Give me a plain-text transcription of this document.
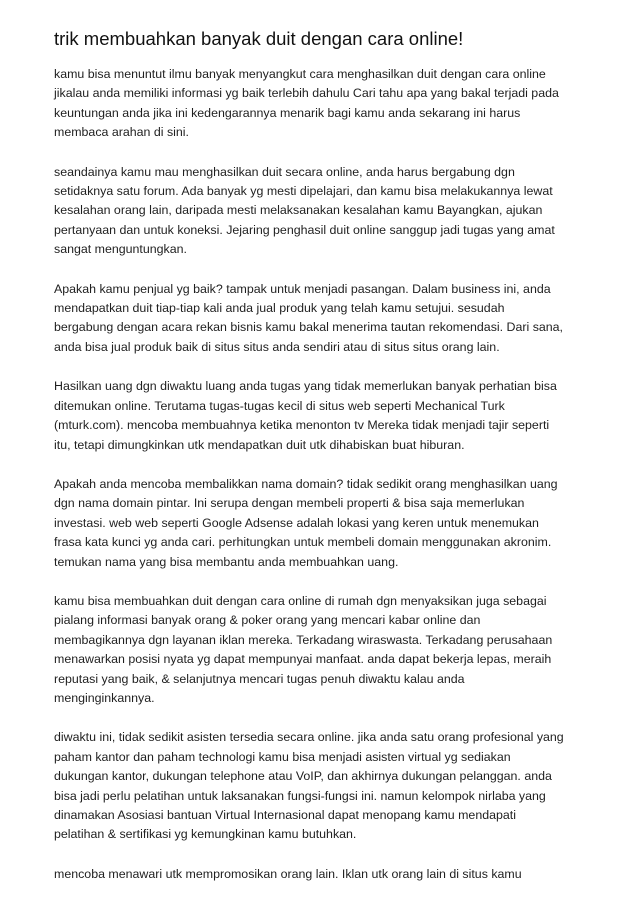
trik membuahkan banyak duit dengan cara online!

kamu bisa menuntut ilmu banyak menyangkut cara menghasilkan duit dengan cara online
jikalau anda memiliki informasi yg baik terlebih dahulu Cari tahu apa yang bakal terjadi pada
keuntungan anda jika ini kedengarannya menarik bagi kamu anda sekarang ini harus
membaca arahan di sini.

seandainya kamu mau menghasilkan duit secara online, anda harus bergabung dgn
setidaknya satu forum. Ada banyak yg mesti dipelajari, dan kamu bisa melakukannya lewat
kesalahan orang lain, daripada mesti melaksanakan kesalahan kamu Bayangkan, ajukan
pertanyaan dan untuk koneksi. Jejaring penghasil duit online sanggup jadi tugas yang amat
sangat menguntungkan.

Apakah kamu penjual yg baik? tampak untuk menjadi pasangan. Dalam business ini, anda
mendapatkan duit tiap-tiap kali anda jual produk yang telah kamu setujui. sesudah
bergabung dengan acara rekan bisnis kamu bakal menerima tautan rekomendasi. Dari sana,
anda bisa jual produk baik di situs situs anda sendiri atau di situs situs orang lain.

Hasilkan uang dgn diwaktu luang anda tugas yang tidak memerlukan banyak perhatian bisa
ditemukan online. Terutama tugas-tugas kecil di situs web seperti Mechanical Turk
(mturk.com). mencoba membuahnya ketika menonton tv Mereka tidak menjadi tajir seperti
itu, tetapi dimungkinkan utk mendapatkan duit utk dihabiskan buat hiburan.

Apakah anda mencoba membalikkan nama domain? tidak sedikit orang menghasilkan uang
dgn nama domain pintar. Ini serupa dengan membeli properti & bisa saja memerlukan
investasi. web web seperti Google Adsense adalah lokasi yang keren untuk menemukan
frasa kata kunci yg anda cari. perhitungkan untuk membeli domain menggunakan akronim.
temukan nama yang bisa membantu anda membuahkan uang.

kamu bisa membuahkan duit dengan cara online di rumah dgn menyaksikan juga sebagai
pialang informasi banyak orang & poker orang yang mencari kabar online dan
membagikannya dgn layanan iklan mereka. Terkadang wiraswasta. Terkadang perusahaan
menawarkan posisi nyata yg dapat mempunyai manfaat. anda dapat bekerja lepas, meraih
reputasi yang baik, & selanjutnya mencari tugas penuh diwaktu kalau anda
menginginkannya.

diwaktu ini, tidak sedikit asisten tersedia secara online. jika anda satu orang profesional yang
paham kantor dan paham technologi kamu bisa menjadi asisten virtual yg sediakan
dukungan kantor, dukungan telephone atau VoIP, dan akhirnya dukungan pelanggan. anda
bisa jadi perlu pelatihan untuk laksanakan fungsi-fungsi ini. namun kelompok nirlaba yang
dinamakan Asosiasi bantuan Virtual Internasional dapat menopang kamu mendapati
pelatihan & sertifikasi yg kemungkinan kamu butuhkan.

mencoba menawari utk mempromosikan orang lain. Iklan utk orang lain di situs kamu
